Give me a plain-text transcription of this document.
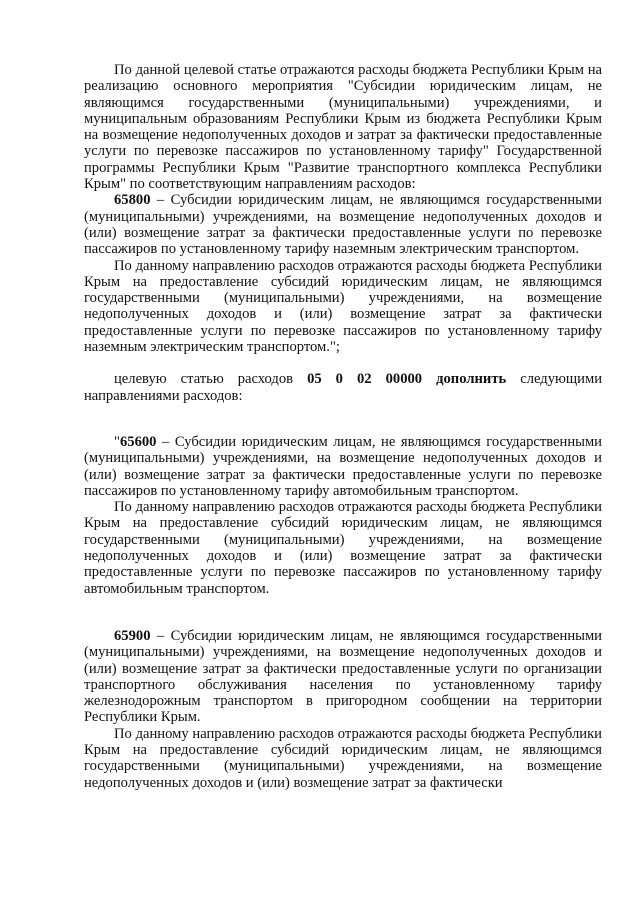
По данной целевой статье отражаются расходы бюджета Республики Крым на реализацию основного мероприятия "Субсидии юридическим лицам, не являющимся государственными (муниципальными) учреждениями, и муниципальным образованиям Республики Крым из бюджета Республики Крым на возмещение недополученных доходов и затрат за фактически предоставленные услуги по перевозке пассажиров по установленному тарифу" Государственной программы Республики Крым "Развитие транспортного комплекса Республики Крым" по соответствующим направлениям расходов:

65800 – Субсидии юридическим лицам, не являющимся государственными (муниципальными) учреждениями, на возмещение недополученных доходов и (или) возмещение затрат за фактически предоставленные услуги по перевозке пассажиров по установленному тарифу наземным электрическим транспортом.

По данному направлению расходов отражаются расходы бюджета Республики Крым на предоставление субсидий юридическим лицам, не являющимся государственными (муниципальными) учреждениями, на возмещение недополученных доходов и (или) возмещение затрат за фактически предоставленные услуги по перевозке пассажиров по установленному тарифу наземным электрическим транспортом.";

целевую статью расходов 05 0 02 00000 дополнить следующими направлениями расходов:

"65600 – Субсидии юридическим лицам, не являющимся государственными (муниципальными) учреждениями, на возмещение недополученных доходов и (или) возмещение затрат за фактически предоставленные услуги по перевозке пассажиров по установленному тарифу автомобильным транспортом.

По данному направлению расходов отражаются расходы бюджета Республики Крым на предоставление субсидий юридическим лицам, не являющимся государственными (муниципальными) учреждениями, на возмещение недополученных доходов и (или) возмещение затрат за фактически предоставленные услуги по перевозке пассажиров по установленному тарифу автомобильным транспортом.

65900 – Субсидии юридическим лицам, не являющимся государственными (муниципальными) учреждениями, на возмещение недополученных доходов и (или) возмещение затрат за фактически предоставленные услуги по организации транспортного обслуживания населения по установленному тарифу железнодорожным транспортом в пригородном сообщении на территории Республики Крым.

По данному направлению расходов отражаются расходы бюджета Республики Крым на предоставление субсидий юридическим лицам, не являющимся государственными (муниципальными) учреждениями, на возмещение недополученных доходов и (или) возмещение затрат за фактически
